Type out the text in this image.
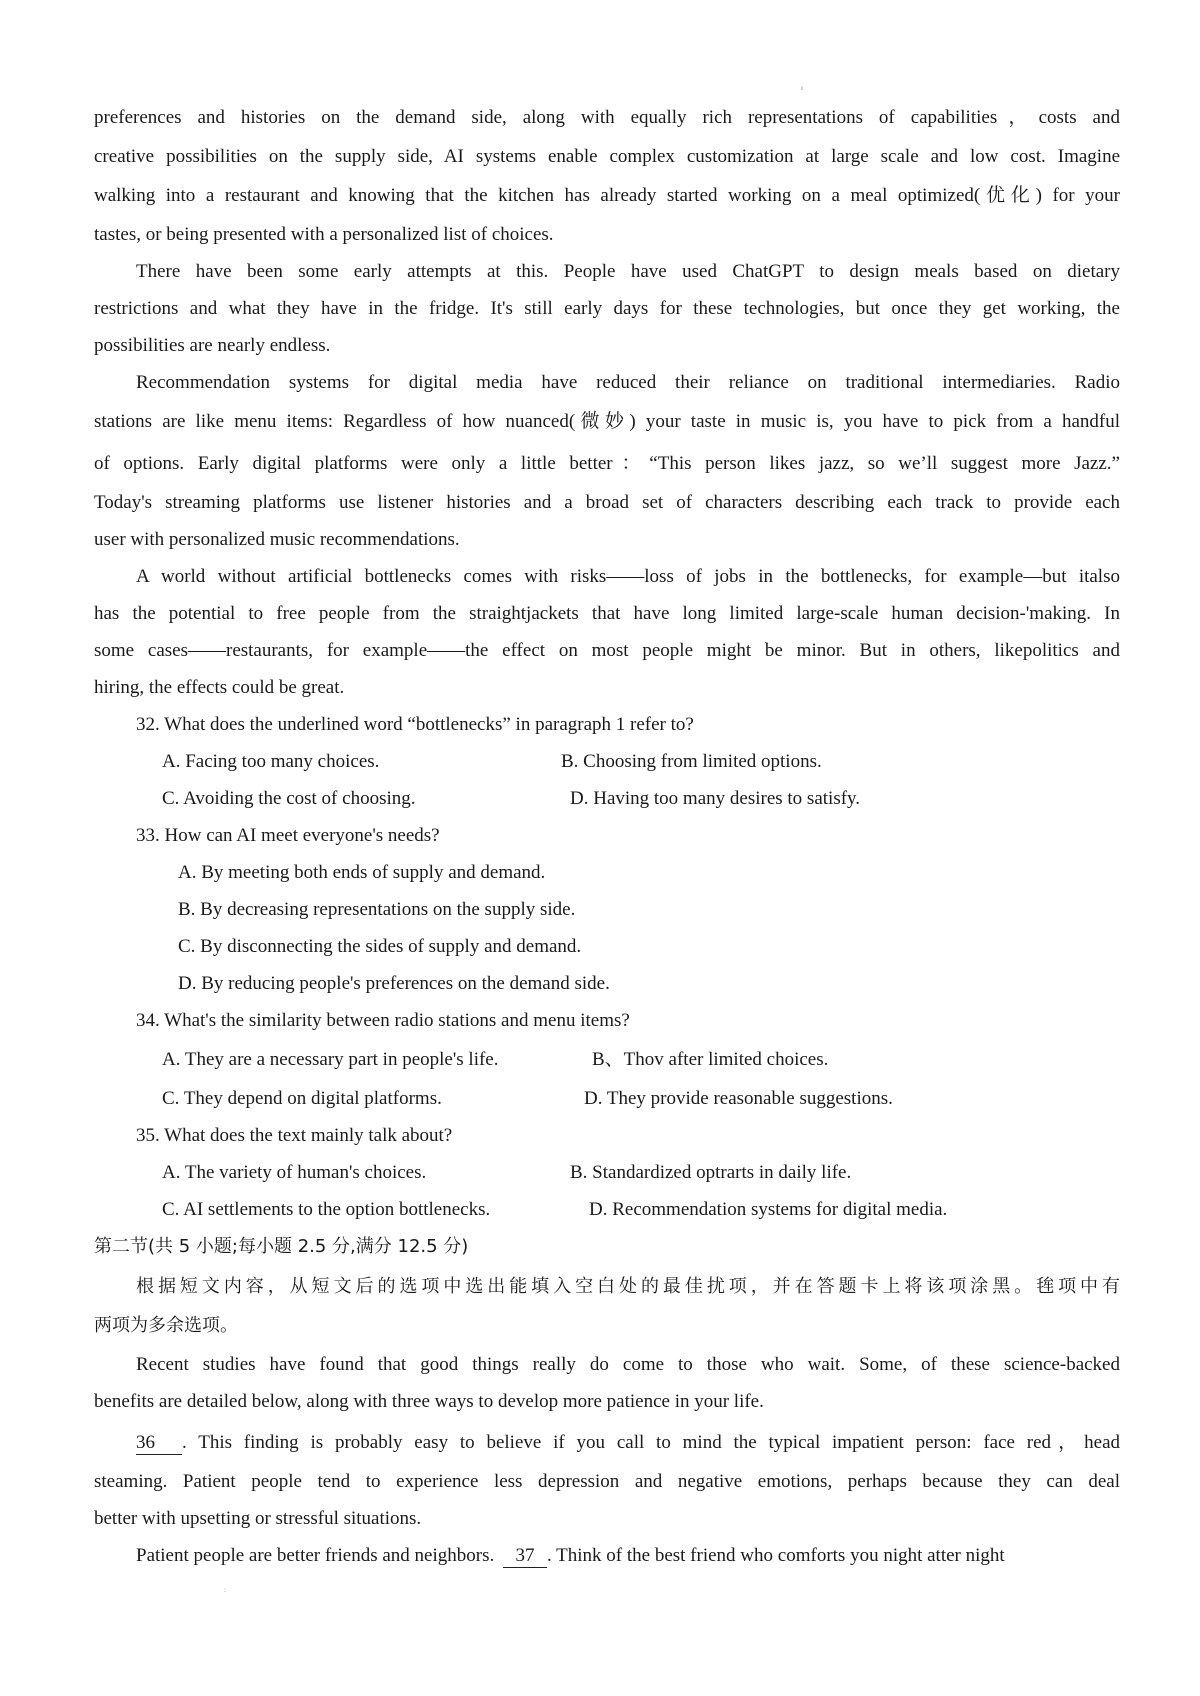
ı
preferences and histories on the demand side, along with equally rich representations of capabilities，costs and
creative possibilities on the supply side, AI systems enable complex customization at large scale and low cost. Imagine
walking into a restaurant and knowing that the kitchen has already started working on a meal optimized(优化) for your
tastes, or being presented with a personalized list of choices.
There have been some early attempts at this. People have used ChatGPT to design meals based on dietary
restrictions and what they have in the fridge. It's still early days for these technologies, but once they get working, the
possibilities are nearly endless.
Recommendation systems for digital media have reduced their reliance on traditional intermediaries. Radio
stations are like menu items: Regardless of how nuanced(微妙) your taste in music is, you have to pick from a handful
of options. Early digital platforms were only a little better：“This person likes jazz, so we’ll suggest more Jazz.”
Today's streaming platforms use listener histories and a broad set of characters describing each track to provide each
user with personalized music recommendations.
A world without artificial bottlenecks comes with risks——loss of jobs in the bottlenecks, for example—but italso
has the potential to free people from the straightjackets that have long limited large-scale human decision-'making. In
some cases——restaurants, for example——the effect on most people might be minor. But in others, likepolitics and
hiring, the effects could be great.
32. What does the underlined word “bottlenecks” in paragraph 1 refer to?
A. Facing too many choices.	B. Choosing from limited options.
C. Avoiding the cost of choosing.	D. Having too many desires to satisfy.
33. How can AI meet everyone's needs?
A. By meeting both ends of supply and demand.
B. By decreasing representations on the supply side.
C. By disconnecting the sides of supply and demand.
D. By reducing people's preferences on the demand side.
34. What's the similarity between radio stations and menu items?
A. They are a necessary part in people's life.	B、Thov after limited choices.
C. They depend on digital platforms.	D. They provide reasonable suggestions.
35. What does the text mainly talk about?
A. The variety of human's choices.	B. Standardized optrarts in daily life.
C. AI settlements to the option bottlenecks.	D. Recommendation systems for digital media.
第二节(共 5 小题;每小题 2.5 分,满分 12.5 分)
根据短文内容，从短文后的选项中选出能填入空白处的最佳扰项，并在答题卡上将该项涂黑。毪项中有
两项为多余选项。
Recent studies have found that good things really do come to those who wait. Some, of these science-backed
benefits are detailed below, along with three ways to develop more patience in your life.
36 . This finding is probably easy to believe if you call to mind the typical impatient person: face red，head
steaming. Patient people tend to experience less depression and negative emotions, perhaps because they can deal
better with upsetting or stressful situations.
Patient people are better friends and neighbors. 37 . Think of the best friend who comforts you night atter night
:
